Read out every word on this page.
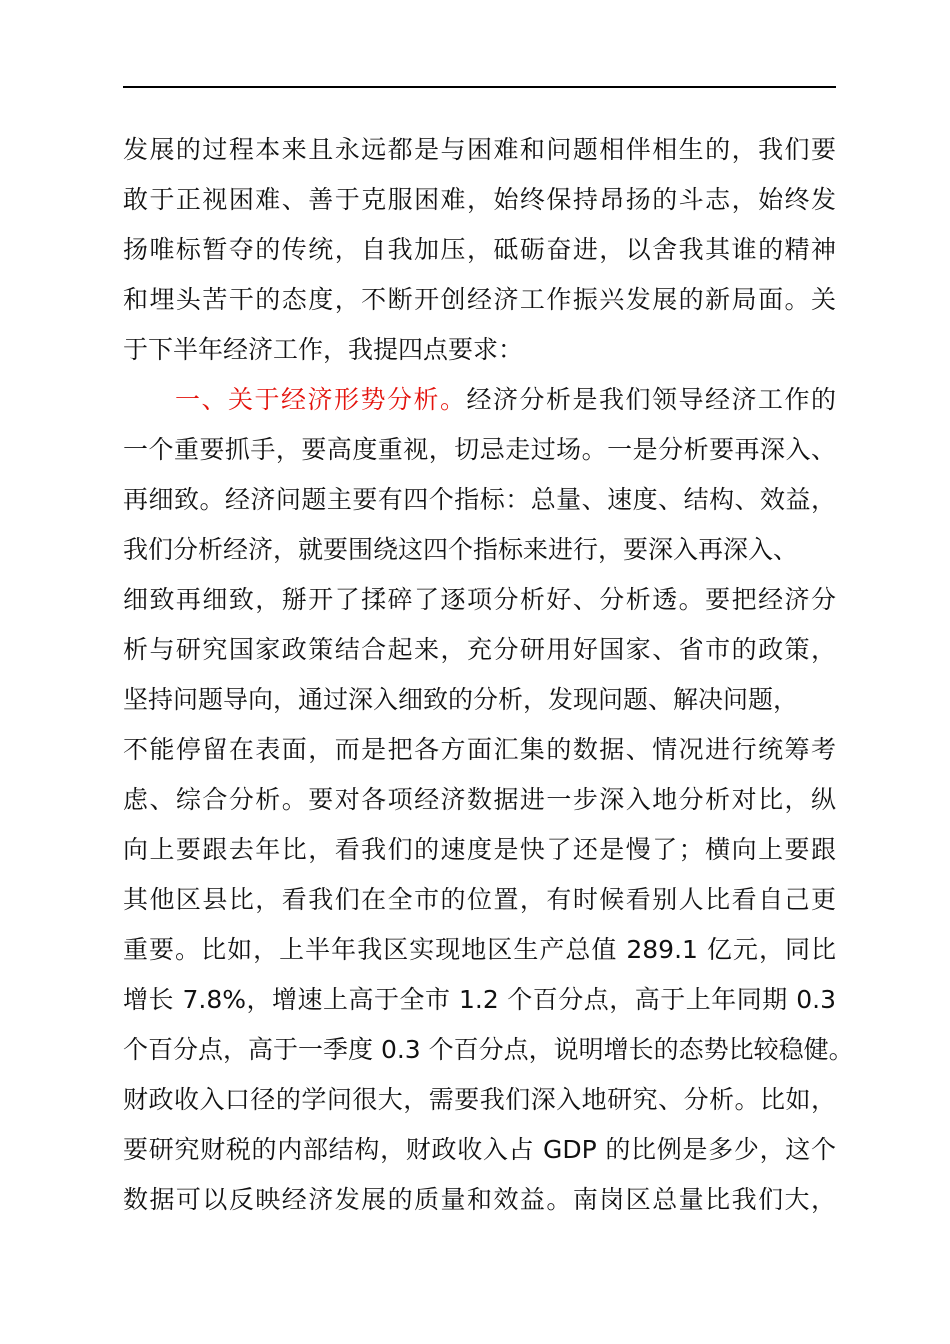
发展的过程本来且永远都是与困难和问题相伴相生的，我们要
敢于正视困难、善于克服困难，始终保持昂扬的斗志，始终发
扬唯标暂夺的传统，自我加压，砥砺奋进，以舍我其谁的精神
和埋头苦干的态度，不断开创经济工作振兴发展的新局面。关
于下半年经济工作，我提四点要求：
一、关于经济形势分析。经济分析是我们领导经济工作的
一个重要抓手，要高度重视，切忌走过场。一是分析要再深入、
再细致。经济问题主要有四个指标：总量、速度、结构、效益，
我们分析经济，就要围绕这四个指标来进行，要深入再深入、
细致再细致，掰开了揉碎了逐项分析好、分析透。要把经济分
析与研究国家政策结合起来，充分研用好国家、省市的政策，
坚持问题导向，通过深入细致的分析，发现问题、解决问题，
不能停留在表面，而是把各方面汇集的数据、情况进行统筹考
虑、综合分析。要对各项经济数据进一步深入地分析对比，纵
向上要跟去年比，看我们的速度是快了还是慢了；横向上要跟
其他区县比，看我们在全市的位置，有时候看别人比看自己更
重要。比如，上半年我区实现地区生产总值 289.1 亿元，同比
增长 7.8%，增速上高于全市 1.2 个百分点，高于上年同期 0.3
个百分点，高于一季度 0.3 个百分点，说明增长的态势比较稳健。
财政收入口径的学问很大，需要我们深入地研究、分析。比如，
要研究财税的内部结构，财政收入占 GDP 的比例是多少，这个
数据可以反映经济发展的质量和效益。南岗区总量比我们大，
